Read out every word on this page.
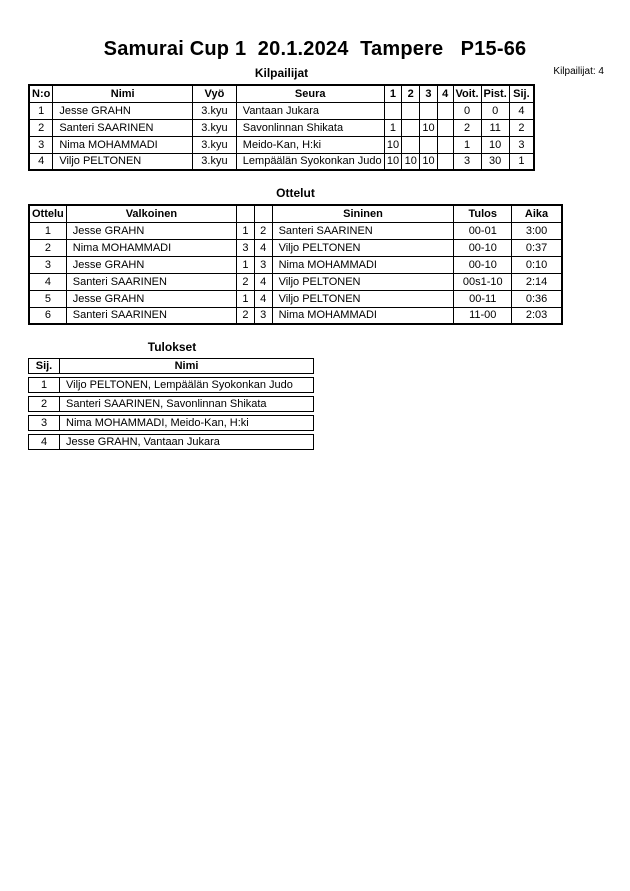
Samurai Cup 1  20.1.2024  Tampere   P15-66
Kilpailijat: 4
Kilpailijat
N:o	Nimi	Vyö	Seura	1	2	3	4	Voit.	Pist.	Sij.
1	Jesse GRAHN	3.kyu	Vantaan Jukara					0	0	4
2	Santeri SAARINEN	3.kyu	Savonlinnan Shikata	1		10		2	11	2
3	Nima MOHAMMADI	3.kyu	Meido-Kan, H:ki	10				1	10	3
4	Viljo PELTONEN	3.kyu	Lempäälän Syokonkan Judo	10	10	10		3	30	1
Ottelut
Ottelu	Valkoinen			Sininen	Tulos	Aika
1	Jesse GRAHN	1	2	Santeri SAARINEN	00-01	3:00
2	Nima MOHAMMADI	3	4	Viljo PELTONEN	00-10	0:37
3	Jesse GRAHN	1	3	Nima MOHAMMADI	00-10	0:10
4	Santeri SAARINEN	2	4	Viljo PELTONEN	00s1-10	2:14
5	Jesse GRAHN	1	4	Viljo PELTONEN	00-11	0:36
6	Santeri SAARINEN	2	3	Nima MOHAMMADI	11-00	2:03
Tulokset
Sij.	Nimi
1	Viljo PELTONEN, Lempäälän Syokonkan Judo
2	Santeri SAARINEN, Savonlinnan Shikata
3	Nima MOHAMMADI, Meido-Kan, H:ki
4	Jesse GRAHN, Vantaan Jukara
